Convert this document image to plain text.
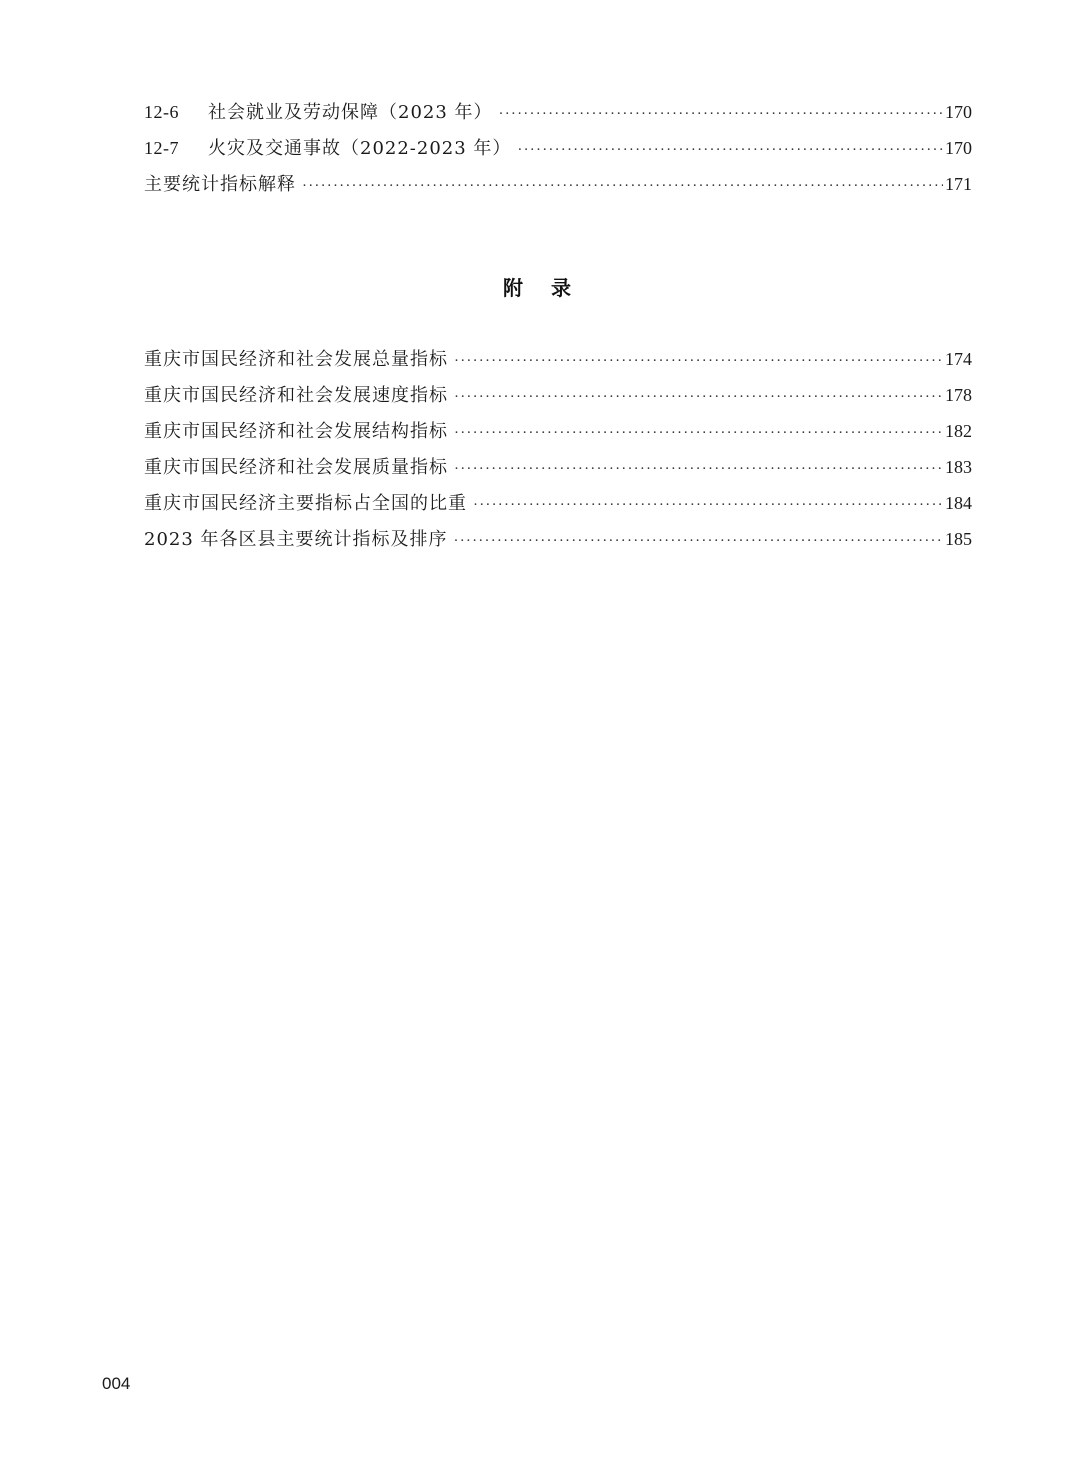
12-6	社会就业及劳动保障（2023 年） ·····	170
12-7	火灾及交通事故（2022-2023 年） ·····	170
主要统计指标解释 ·····	171
附录
重庆市国民经济和社会发展总量指标 ·····	174
重庆市国民经济和社会发展速度指标 ·····	178
重庆市国民经济和社会发展结构指标 ·····	182
重庆市国民经济和社会发展质量指标 ·····	183
重庆市国民经济主要指标占全国的比重 ·····	184
2023 年各区县主要统计指标及排序 ·····	185
004
